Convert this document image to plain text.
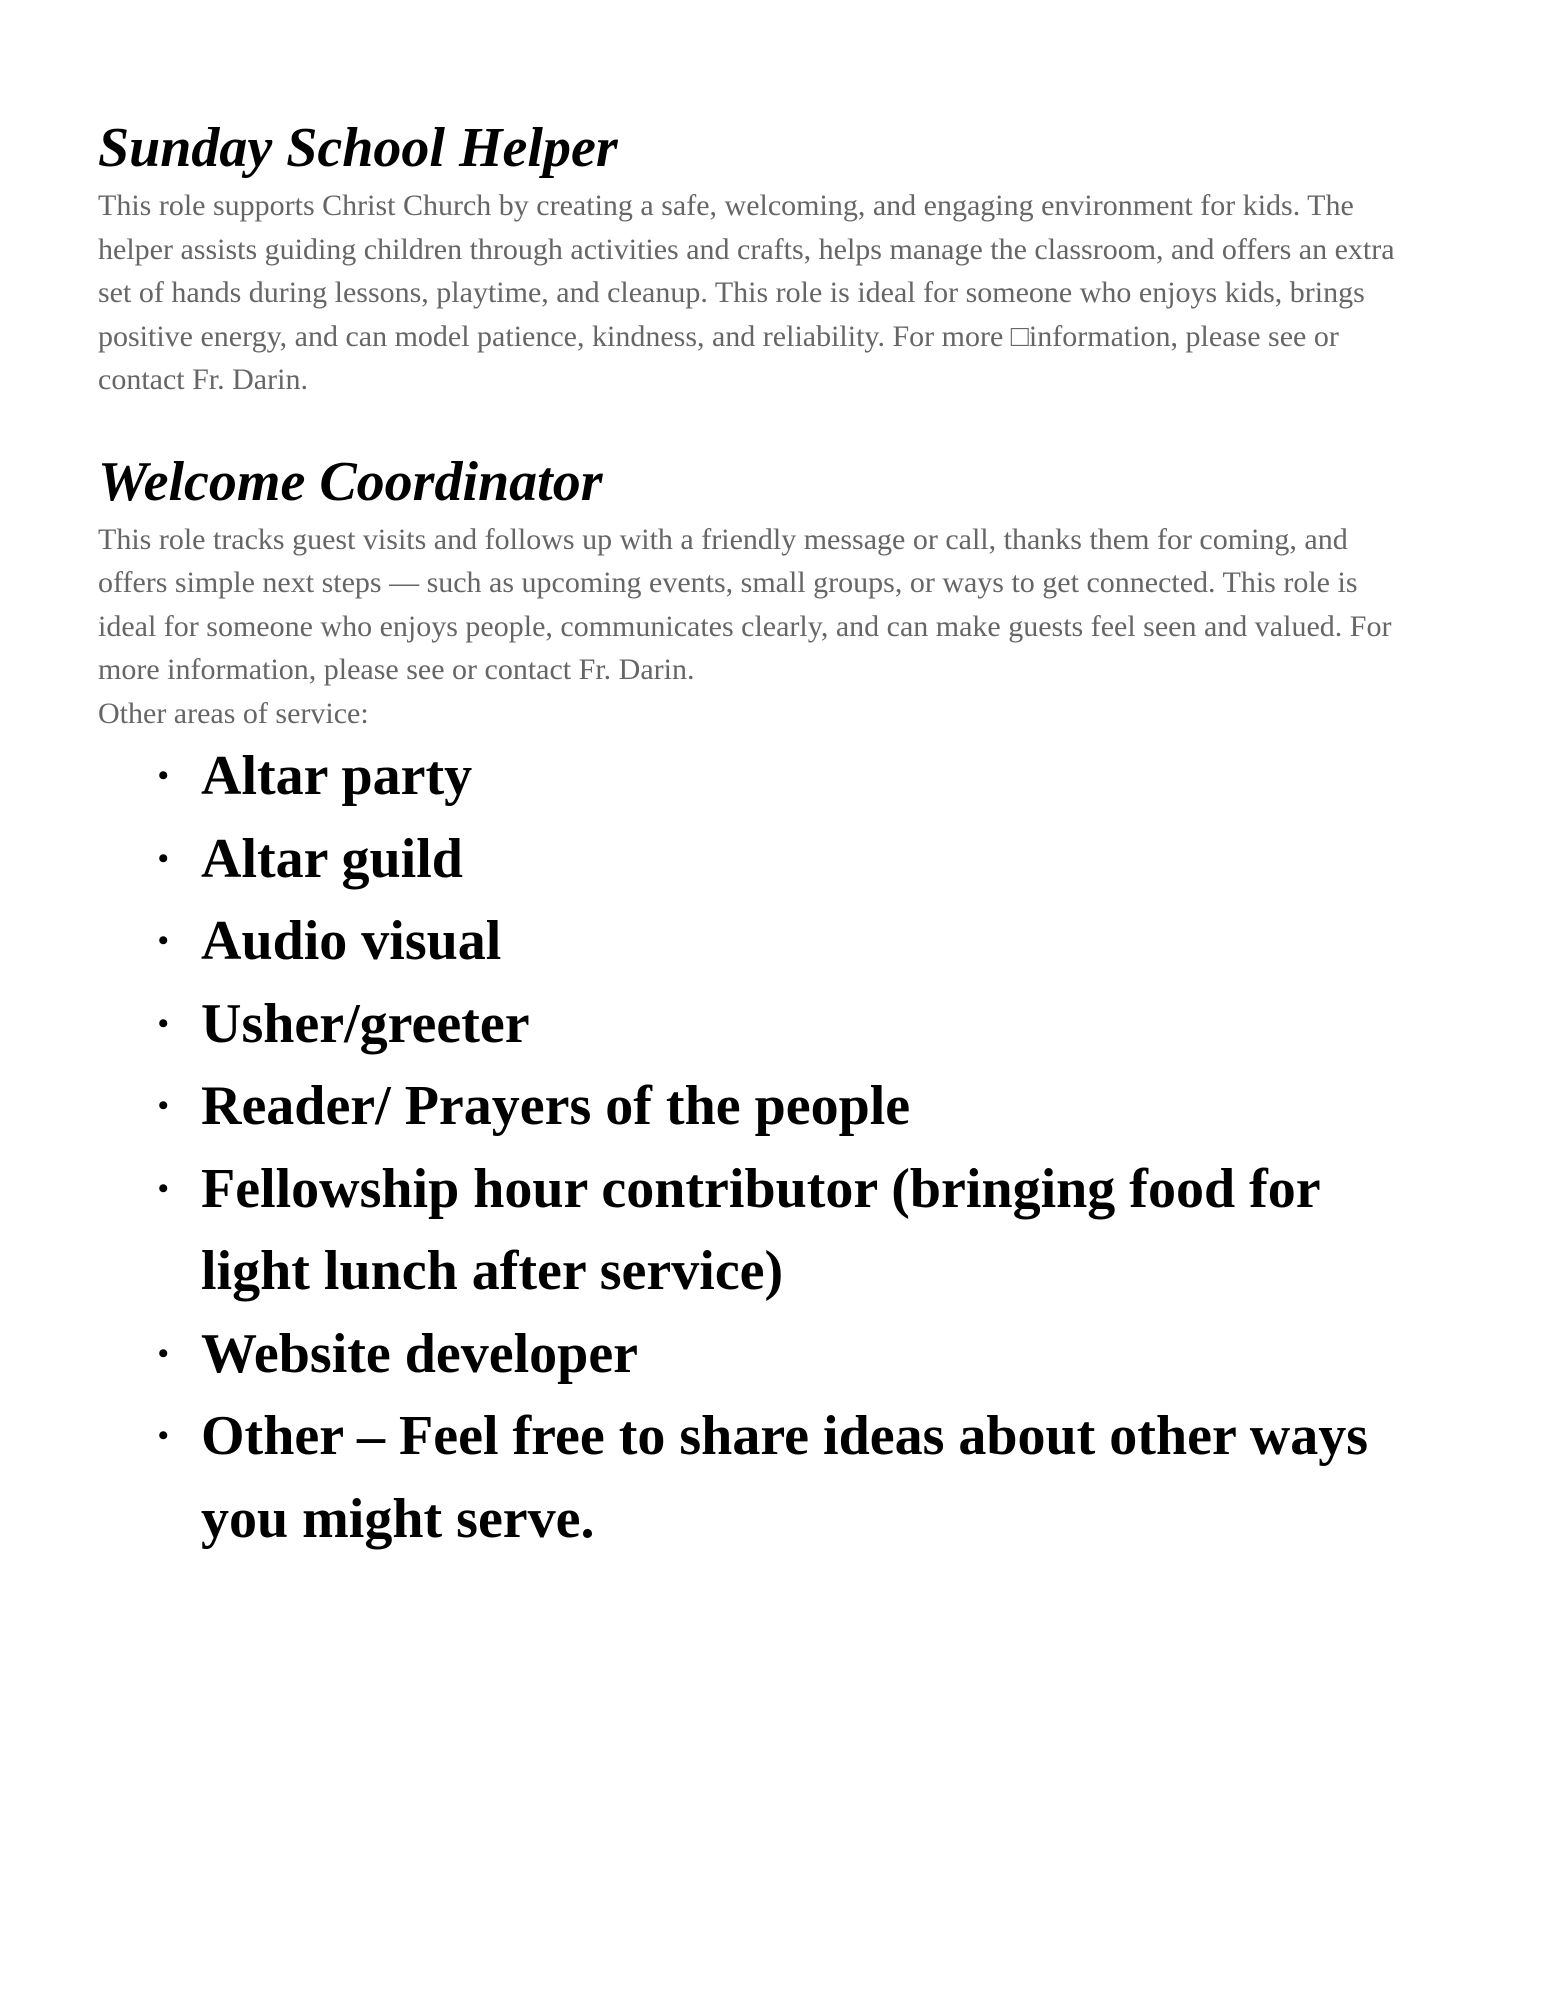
Sunday School Helper

This role supports Christ Church by creating a safe, welcoming, and engaging environment for kids. The helper assists guiding children through activities and crafts, helps manage the classroom, and offers an extra set of hands during lessons, playtime, and cleanup. This role is ideal for someone who enjoys kids, brings positive energy, and can model patience, kindness, and reliability. For more □information, please see or contact Fr. Darin.

Welcome Coordinator

This role tracks guest visits and follows up with a friendly message or call, thanks them for coming, and offers simple next steps — such as upcoming events, small groups, or ways to get connected. This role is ideal for someone who enjoys people, communicates clearly, and can make guests feel seen and valued. For more information, please see or contact Fr. Darin.

Other areas of service:

• Altar party
• Altar guild
• Audio visual
• Usher/greeter
• Reader/ Prayers of the people
• Fellowship hour contributor (bringing food for light lunch after service)
• Website developer
• Other – Feel free to share ideas about other ways you might serve.
